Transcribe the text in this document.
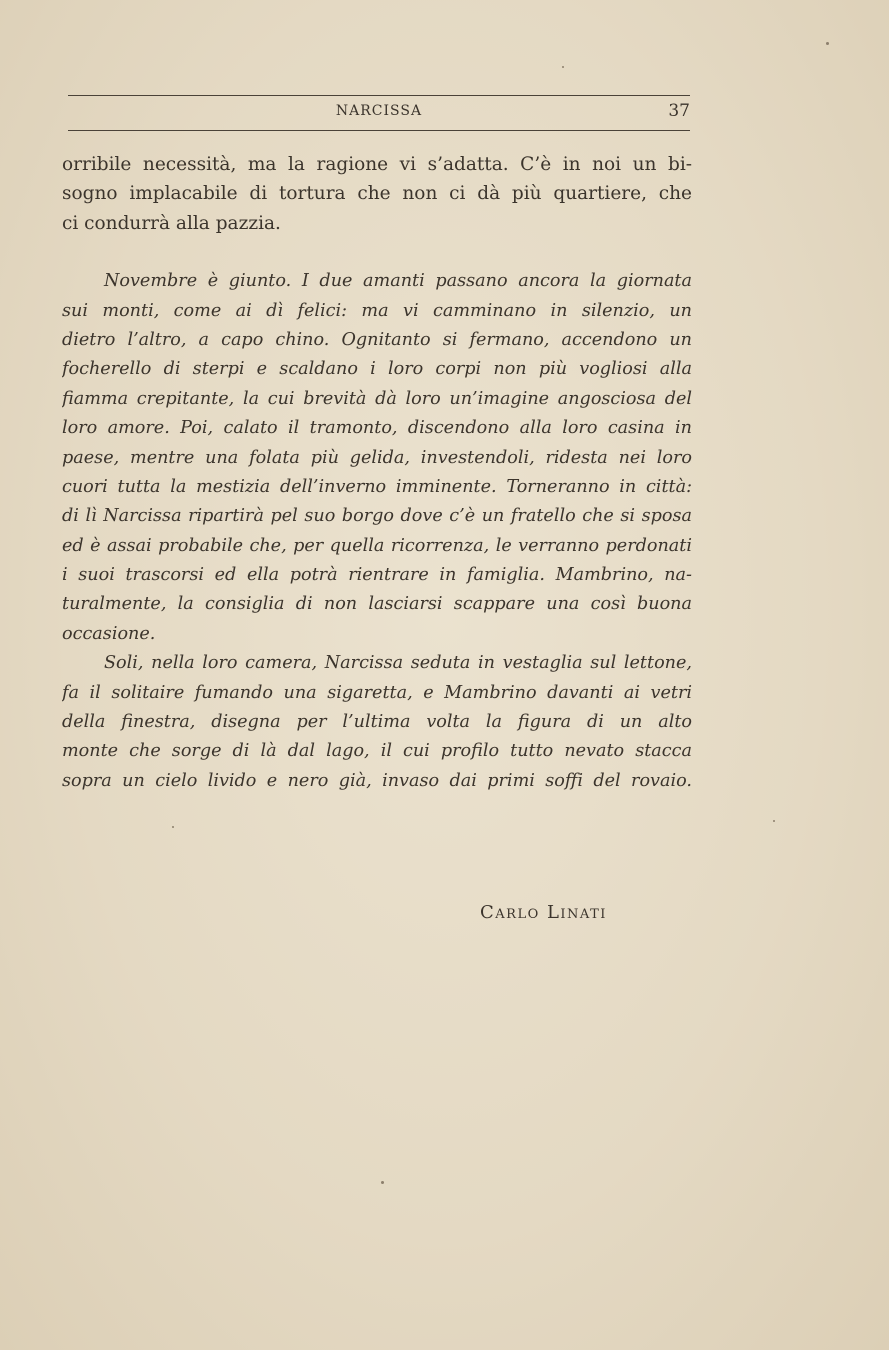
NARCISSA	37
orribile necessità, ma la ragione vi s’adatta. C’è in noi un bi-
sogno implacabile di tortura che non ci dà più quartiere, che
ci condurrà alla pazzia.
Novembre è giunto. I due amanti passano ancora la giornata
sui monti, come ai dì felici: ma vi camminano in silenzio, un
dietro l’altro, a capo chino. Ognitanto si fermano, accendono un
focherello di sterpi e scaldano i loro corpi non più vogliosi alla
fiamma crepitante, la cui brevità dà loro un’imagine angosciosa del
loro amore. Poi, calato il tramonto, discendono alla loro casina in
paese, mentre una folata più gelida, investendoli, ridesta nei loro
cuori tutta la mestizia dell’inverno imminente. Torneranno in città:
di lì Narcissa ripartirà pel suo borgo dove c’è un fratello che si sposa
ed è assai probabile che, per quella ricorrenza, le verranno perdonati
i suoi trascorsi ed ella potrà rientrare in famiglia. Mambrino, na-
turalmente, la consiglia di non lasciarsi scappare una così buona
occasione.
Soli, nella loro camera, Narcissa seduta in vestaglia sul lettone,
fa il solitaire fumando una sigaretta, e Mambrino davanti ai vetri
della finestra, disegna per l’ultima volta la figura di un alto
monte che sorge di là dal lago, il cui profilo tutto nevato stacca
sopra un cielo livido e nero già, invaso dai primi soffi del rovaio.
Carlo Linati
